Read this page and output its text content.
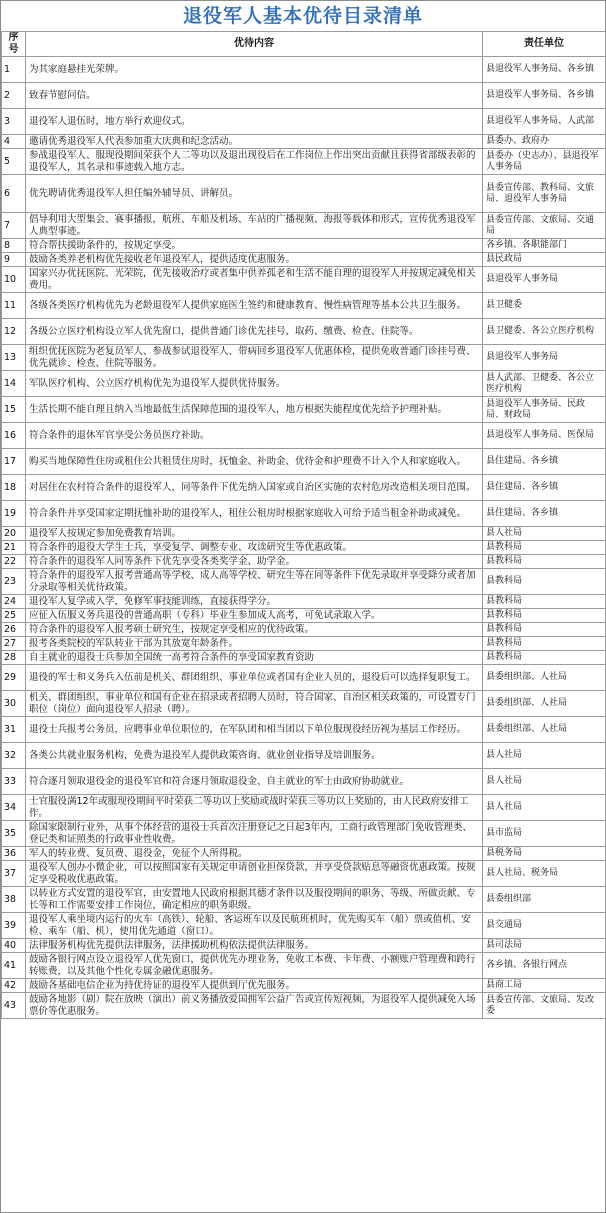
退役军人基本优待目录清单
序号	优待内容	责任单位
1	为其家庭悬挂光荣牌。	县退役军人事务局、各乡镇
2	致春节慰问信。	县退役军人事务局、各乡镇
3	退役军人退伍时，地方举行欢迎仪式。	县退役军人事务局、人武部
4	邀请优秀退役军人代表参加重大庆典和纪念活动。	县委办、政府办
5	参战退役军人、服现役期间荣获个人二等功以及退出现役后在工作岗位上作出突出贡献且获得省部级表彰的退役军人，其名录和事迹载入地方志。	县委办（史志办）、县退役军人事务局
6	优先聘请优秀退役军人担任编外辅导员、讲解员。	县委宣传部、教科局、文旅局、退役军人事务局
7	倡导利用大型集会、赛事播报，航班、车船及机场、车站的广播视频、海报等载体和形式，宣传优秀退役军人典型事迹。	县委宣传部、文旅局、交通局
8	符合帮扶援助条件的，按规定享受。	各乡镇、各职能部门
9	鼓励各类养老机构优先接收老年退役军人，提供适度优惠服务。	县民政局
10	国家兴办优抚医院、光荣院，优先接收治疗或者集中供养孤老和生活不能自理的退役军人并按规定减免相关费用。	县退役军人事务局
11	各级各类医疗机构优先为老龄退役军人提供家庭医生签约和健康教育、慢性病管理等基本公共卫生服务。	县卫健委
12	各级公立医疗机构设立军人优先窗口，提供普通门诊优先挂号、取药、缴费、检查、住院等。	县卫健委、各公立医疗机构
13	组织优抚医院为老复员军人、参战参试退役军人、带病回乡退役军人优惠体检，提供免收普通门诊挂号费、优先就诊、检查、住院等服务。	县退役军人事务局
14	军队医疗机构、公立医疗机构优先为退役军人提供优待服务。	县人武部、卫健委、各公立医疗机构
15	生活长期不能自理且纳入当地最低生活保障范围的退役军人，地方根据失能程度优先给予护理补贴。	县退役军人事务局、民政局、财政局
16	符合条件的退休军官享受公务员医疗补助。	县退役军人事务局、医保局
17	购买当地保障性住房或租住公共租赁住房时，抚恤金、补助金、优待金和护理费不计入个人和家庭收入。	县住建局、各乡镇
18	对居住在农村符合条件的退役军人，同等条件下优先纳入国家或自治区实施的农村危房改造相关项目范围。	县住建局、各乡镇
19	符合条件并享受国家定期抚恤补助的退役军人，租住公租房时根据家庭收入可给予适当租金补助或减免。	县住建局、各乡镇
20	退役军人按规定参加免费教育培训。	县人社局
21	符合条件的退役大学生士兵，享受复学、调整专业、攻读研究生等优惠政策。	县教科局
22	符合条件的退役军人同等条件下优先享受各类奖学金、助学金。	县教科局
23	符合条件的退役军人报考普通高等学校、成人高等学校、研究生等在同等条件下优先录取并享受降分或者加分录取等相关优待政策。	县教科局
24	退役军人复学或入学，免修军事技能训练，直接获得学分。	县教科局
25	应征入伍服义务兵退役的普通高职（专科）毕业生参加成人高考，可免试录取入学。	县教科局
26	符合条件的退役军人报考硕士研究生，按规定享受相应的优待政策。	县教科局
27	报考各类院校的军队转业干部为其放宽年龄条件。	县教科局
28	自主就业的退役士兵参加全国统一高考符合条件的享受国家教育资助	县教科局
29	退役的军士和义务兵入伍前是机关、群团组织、事业单位或者国有企业人员的，退役后可以选择复职复工。	县委组织部、人社局
30	机关、群团组织、事业单位和国有企业在招录或者招聘人员时，符合国家、自治区相关政策的，可设置专门职位（岗位）面向退役军人招录（聘）。	县委组织部、人社局
31	退役士兵报考公务员，应聘事业单位职位的，在军队团和相当团以下单位服现役经历视为基层工作经历。	县委组织部、人社局
32	各类公共就业服务机构，免费为退役军人提供政策咨询、就业创业指导及培训服务。	县人社局
33	符合逐月领取退役金的退役军官和符合逐月领取退役金、自主就业的军士由政府协助就业。	县人社局
34	士官服役满12年或服现役期间平时荣获二等功以上奖励或战时荣获三等功以上奖励的，由人民政府安排工作。	县人社局
35	除国家限制行业外，从事个体经营的退役士兵首次注册登记之日起3年内，工商行政管理部门免收管理类、登记类和证照类的行政事业性收费。	县市监局
36	军人的转业费、复员费、退役金，免征个人所得税。	县税务局
37	退役军人创办小微企业，可以按照国家有关规定申请创业担保贷款，并享受贷款贴息等融资优惠政策。按规定享受税收优惠政策。	县人社局、税务局
38	以转业方式安置的退役军官，由安置地人民政府根据其德才条件以及服役期间的职务、等级、所做贡献、专长等和工作需要安排工作岗位，确定相应的职务职级。	县委组织部
39	退役军人乘坐境内运行的火车（高铁）、轮船、客运班车以及民航班机时，优先购买车（船）票或值机、安检、乘车（船、机），使用优先通道（窗口）。	县交通局
40	法律服务机构优先提供法律服务，法律援助机构依法提供法律服务。	县司法局
41	鼓励各银行网点设立退役军人优先窗口，提供优先办理业务，免收工本费、卡年费、小额账户管理费和跨行转账费，以及其他个性化专属金融优惠服务。	各乡镇、各银行网点
42	鼓励各基础电信企业为持优待证的退役军人提供到厅优先服务。	县商工局
43	鼓励各地影（剧）院在放映（演出）前义务播放爱国拥军公益广告或宣传短视频，为退役军人提供减免入场票价等优惠服务。	县委宣传部、文旅局、发改委
